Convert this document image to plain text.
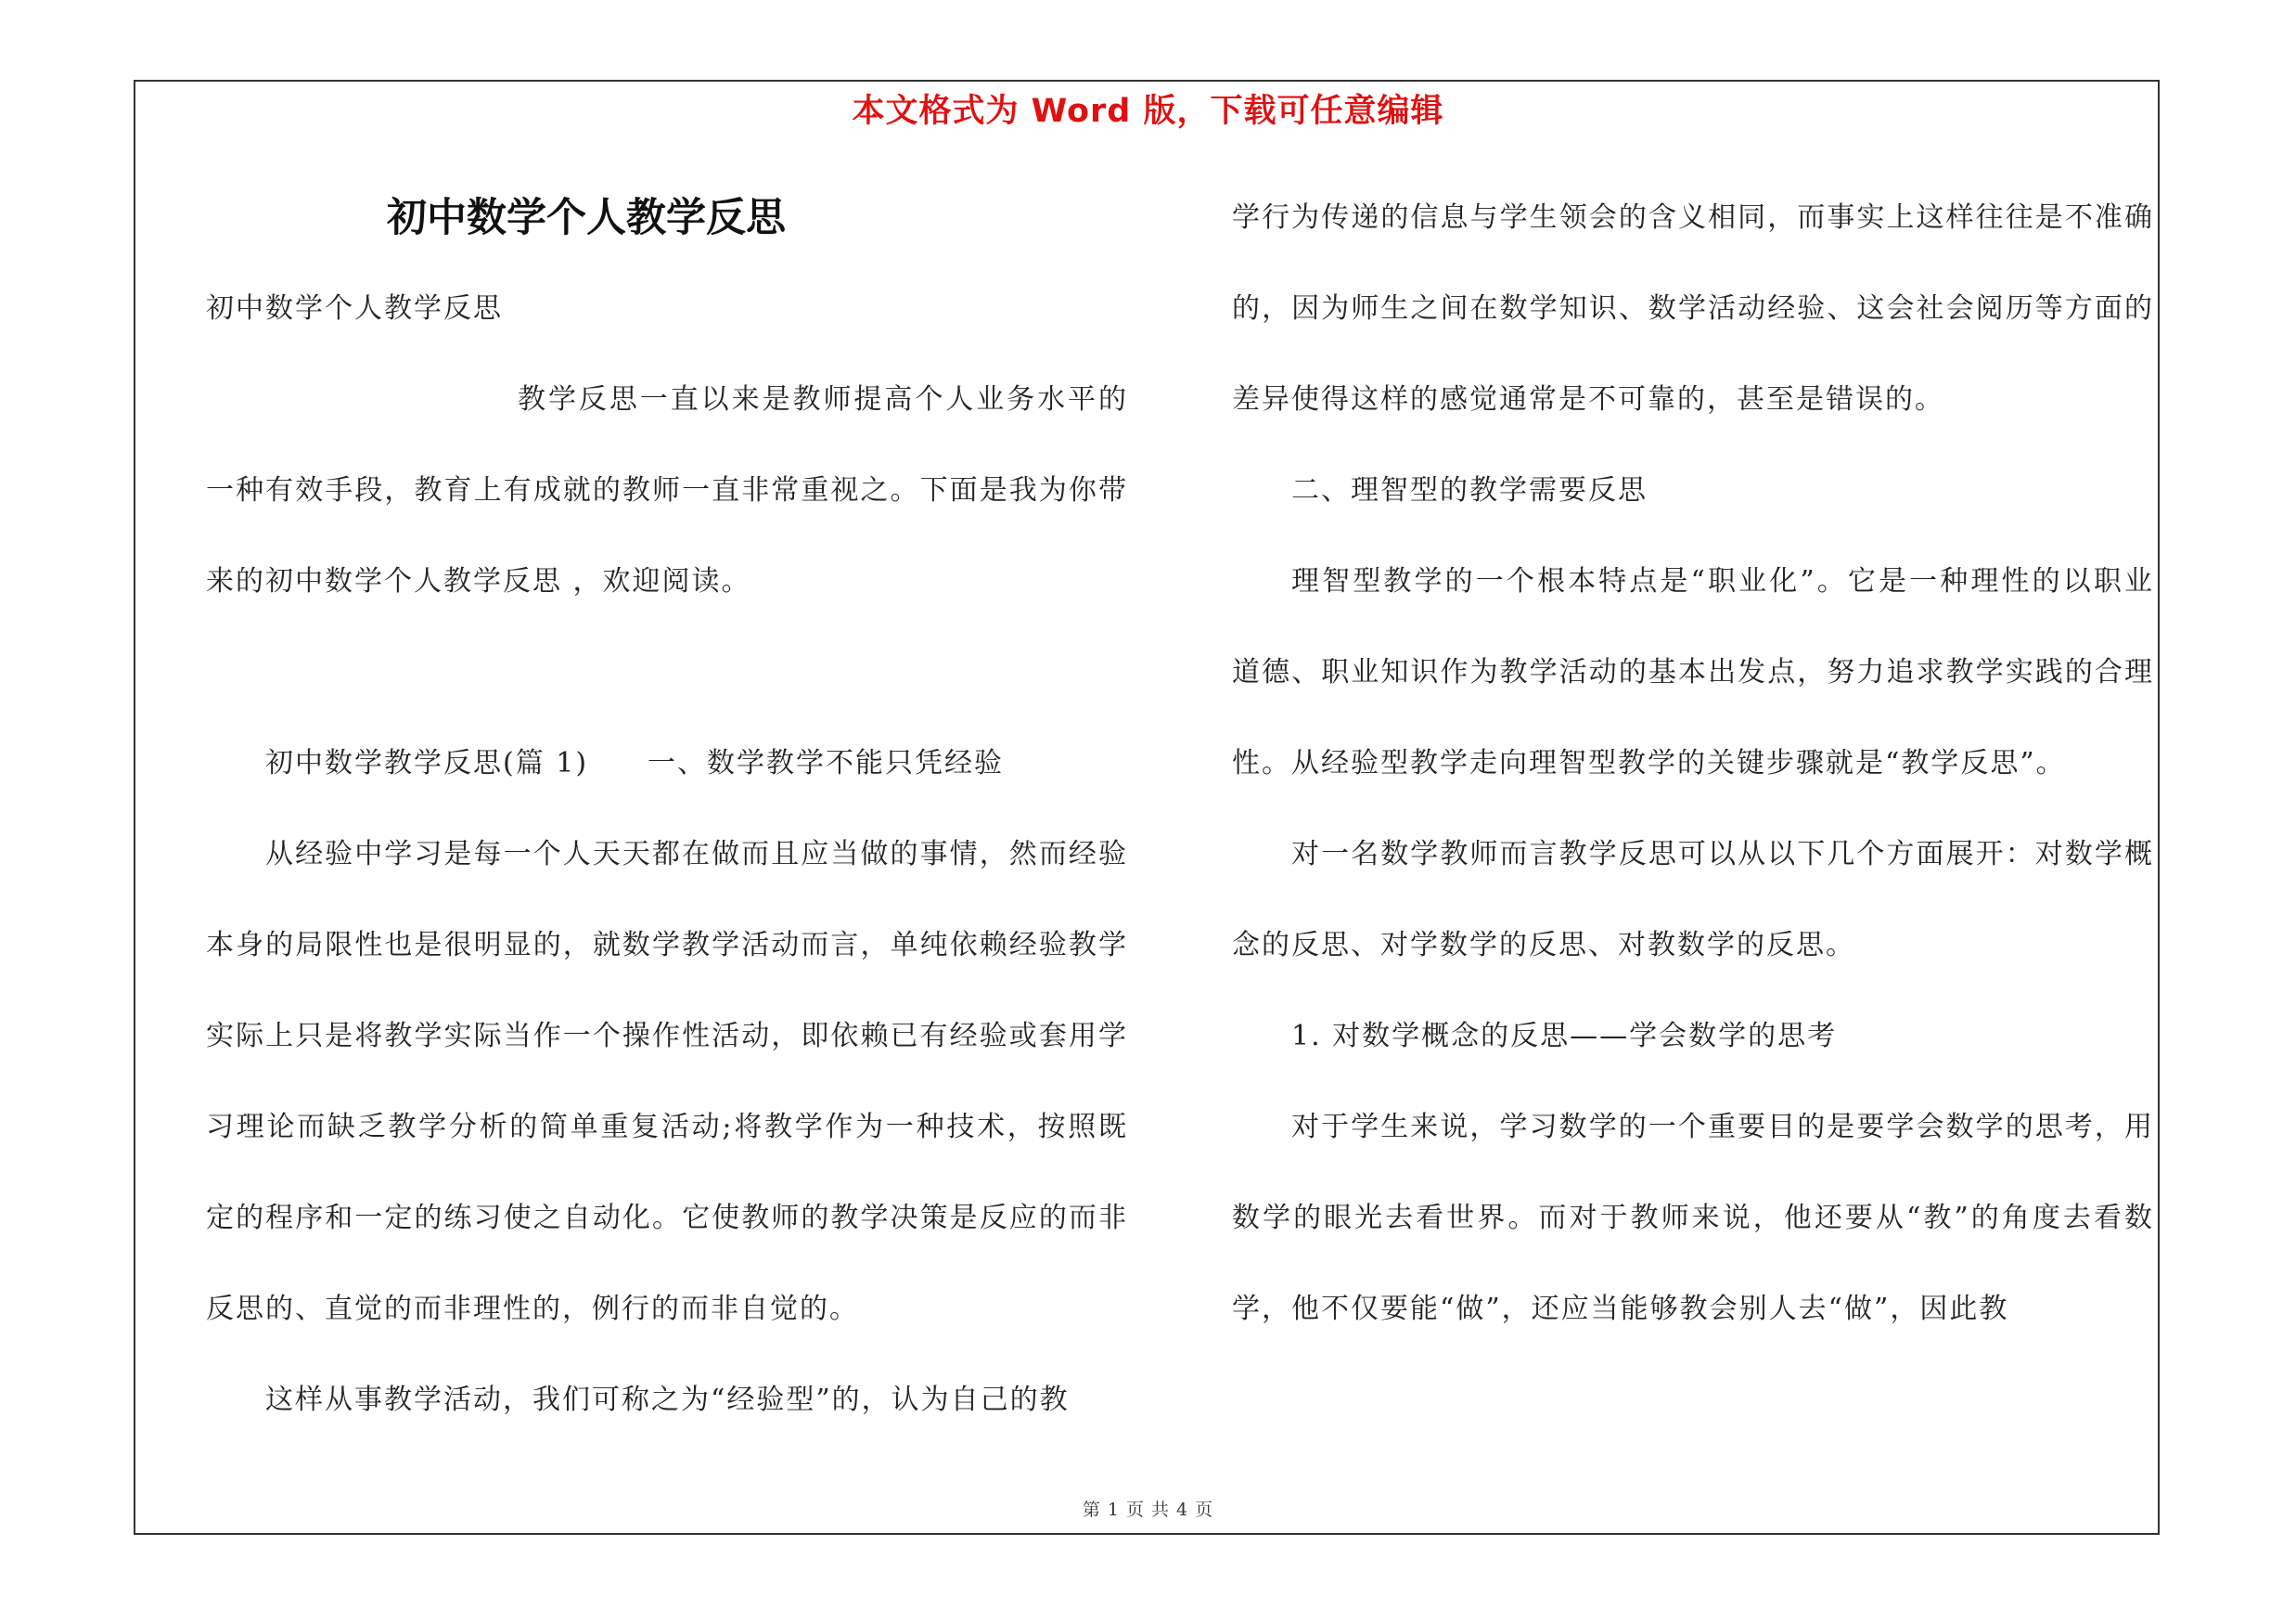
本文格式为 Word 版，下载可任意编辑
初中数学个人教学反思

初中数学个人教学反思

教学反思一直以来是教师提高个人业务水平的一种有效手段，教育上有成就的教师一直非常重视之。下面是我为你带来的初中数学个人教学反思 ，欢迎阅读。

初中数学教学反思(篇 1)　　一、数学教学不能只凭经验

从经验中学习是每一个人天天都在做而且应当做的事情，然而经验本身的局限性也是很明显的，就数学教学活动而言，单纯依赖经验教学实际上只是将教学实际当作一个操作性活动，即依赖已有经验或套用学习理论而缺乏教学分析的简单重复活动;将教学作为一种技术，按照既定的程序和一定的练习使之自动化。它使教师的教学决策是反应的而非反思的、直觉的而非理性的，例行的而非自觉的。

这样从事教学活动，我们可称之为“经验型”的，认为自己的教

学行为传递的信息与学生领会的含义相同，而事实上这样往往是不准确的，因为师生之间在数学知识、数学活动经验、这会社会阅历等方面的差异使得这样的感觉通常是不可靠的，甚至是错误的。

二、理智型的教学需要反思

理智型教学的一个根本特点是“职业化”。它是一种理性的以职业道德、职业知识作为教学活动的基本出发点，努力追求教学实践的合理性。从经验型教学走向理智型教学的关键步骤就是“教学反思”。

对一名数学教师而言教学反思可以从以下几个方面展开：对数学概念的反思、对学数学的反思、对教数学的反思。

1. 对数学概念的反思——学会数学的思考

对于学生来说，学习数学的一个重要目的是要学会数学的思考，用数学的眼光去看世界。而对于教师来说，他还要从“教”的角度去看数学，他不仅要能“做”，还应当能够教会别人去“做”，因此教

第 1 页 共 4 页
